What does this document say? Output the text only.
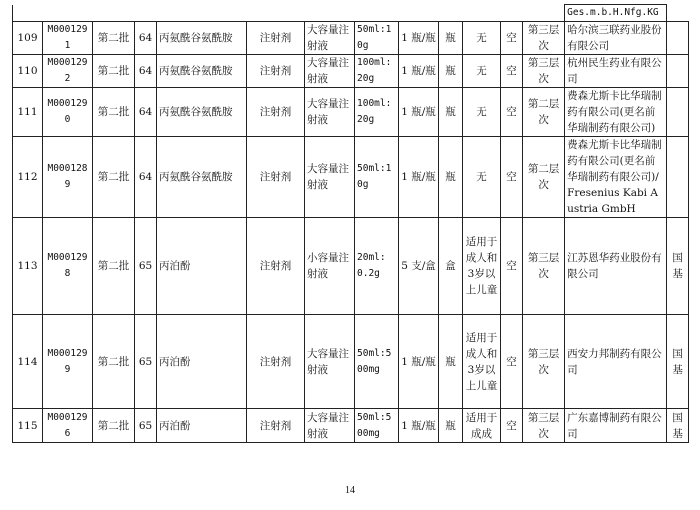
													Ges.m.b.H.Nfg.KG	
109	M0001291	第二批	64	丙氨酰谷氨酰胺	注射剂	大容量注射液	50ml:10g	1 瓶/瓶	瓶	无	空	第三层次	哈尔滨三联药业股份有限公司	
110	M0001292	第二批	64	丙氨酰谷氨酰胺	注射剂	大容量注射液	100ml:20g	1 瓶/瓶	瓶	无	空	第三层次	杭州民生药业有限公司	
111	M0001290	第二批	64	丙氨酰谷氨酰胺	注射剂	大容量注射液	100ml:20g	1 瓶/瓶	瓶	无	空	第二层次	费森尤斯卡比华瑞制药有限公司(更名前华瑞制药有限公司)	
112	M0001289	第二批	64	丙氨酰谷氨酰胺	注射剂	大容量注射液	50ml:10g	1 瓶/瓶	瓶	无	空	第二层次	费森尤斯卡比华瑞制药有限公司(更名前华瑞制药有限公司)/Fresenius Kabi Austria GmbH	
113	M0001298	第二批	65	丙泊酚	注射剂	小容量注射液	20ml:0.2g	5 支/盒	盒	适用于成人和3岁以上儿童	空	第三层次	江苏恩华药业股份有限公司	国基
114	M0001299	第二批	65	丙泊酚	注射剂	大容量注射液	50ml:500mg	1 瓶/瓶	瓶	适用于成人和3岁以上儿童	空	第三层次	西安力邦制药有限公司	国基
115	M0001296	第二批	65	丙泊酚	注射剂	大容量注射液	50ml:500mg	1 瓶/瓶	瓶	适用于成成	空	第三层次	广东嘉博制药有限公司	国基
14
